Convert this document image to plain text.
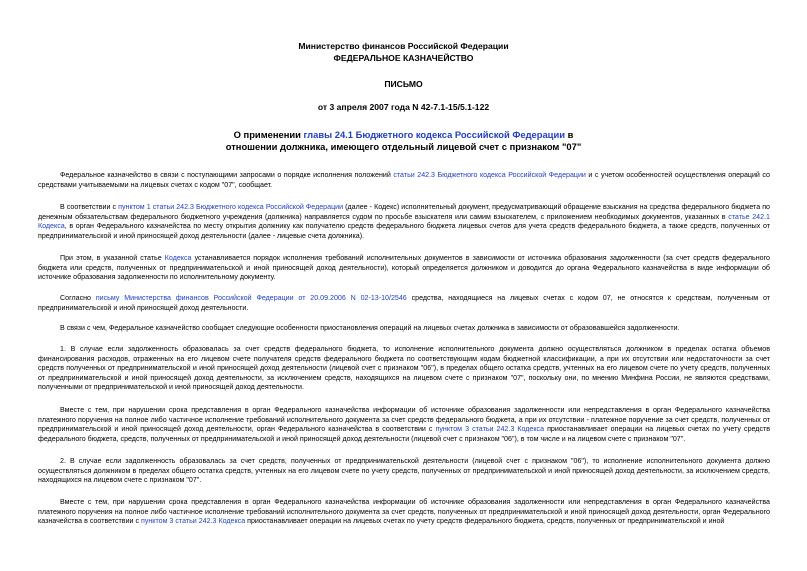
Министерство финансов Российской Федерации
ФЕДЕРАЛЬНОЕ КАЗНАЧЕЙСТВО
ПИСЬМО
от 3 апреля 2007 года N 42-7.1-15/5.1-122
О применении главы 24.1 Бюджетного кодекса Российской Федерации в
отношении должника, имеющего отдельный лицевой счет с признаком "07"
Федеральное казначейство в связи с поступающими запросами о порядке исполнения положений статьи 242.3 Бюджетного кодекса Российской Федерации и с учетом особенностей осуществления операций со средствами учитываемыми на лицевых счетах с кодом "07", сообщает.
В соответствии с пунктом 1 статьи 242.3 Бюджетного кодекса Российской Федерации (далее - Кодекс) исполнительный документ, предусматривающий обращение взыскания на средства федерального бюджета по денежным обязательствам федерального бюджетного учреждения (должника) направляется судом по просьбе взыскателя или самим взыскателем, с приложением необходимых документов, указанных в статье 242.1 Кодекса, в орган Федерального казначейства по месту открытия должнику как получателю средств федерального бюджета лицевых счетов для учета средств федерального бюджета, а также средств, полученных от предпринимательской и иной приносящей доход деятельности (далее - лицевые счета должника).
При этом, в указанной статье Кодекса устанавливается порядок исполнения требований исполнительных документов в зависимости от источника образования задолженности (за счет средств федерального бюджета или средств, полученных от предпринимательской и иной приносящей доход деятельности), который определяется должником и доводится до органа Федерального казначейства в виде информации об источнике образования задолженности по исполнительному документу.
Согласно письму Министерства финансов Российской Федерации от 20.09.2006 N 02-13-10/2546 средства, находящиеся на лицевых счетах с кодом 07, не относятся к средствам, полученным от предпринимательской и иной приносящей доход деятельности.
В связи с чем, Федеральное казначейство сообщает следующие особенности приостановления операций на лицевых счетах должника в зависимости от образовавшейся задолженности.
1. В случае если задолженность образовалась за счет средств федерального бюджета, то исполнение исполнительного документа должно осуществляться должником в пределах остатка объемов финансирования расходов, отраженных на его лицевом счете получателя средств федерального бюджета по соответствующим кодам бюджетной классификации, а при их отсутствии или недостаточности за счет средств полученных от предпринимательской и иной приносящей доход деятельности (лицевой счет с признаком "06"), в пределах общего остатка средств, учтенных на его лицевом счете по учету средств, полученных от предпринимательской и иной приносящей доход деятельности, за исключением средств, находящихся на лицевом счете с признаком "07", поскольку они, по мнению Минфина России, не являются средствами, полученными от предпринимательской и иной приносящей доход деятельности.
Вместе с тем, при нарушении срока представления в орган Федерального казначейства информации об источнике образования задолженности или непредставления в орган Федерального казначейства платежного поручения на полное либо частичное исполнение требований исполнительного документа за счет средств федерального бюджета, а при их отсутствии - платежное поручение за счет средств, полученных от предпринимательской и иной приносящей доход деятельности, орган Федерального казначейства в соответствии с пунктом 3 статьи 242.3 Кодекса приостанавливает операции на лицевых счетах по учету средств федерального бюджета, средств, полученных от предпринимательской и иной приносящей доход деятельности (лицевой счет с признаком "06"), в том числе и на лицевом счете с признаком "07".
2. В случае если задолженность образовалась за счет средств, полученных от предпринимательской деятельности (лицевой счет с признаком "06"), то исполнение исполнительного документа должно осуществляться должником в пределах общего остатка средств, учтенных на его лицевом счете по учету средств, полученных от предпринимательской и иной приносящей доход деятельности, за исключением средств, находящихся на лицевом счете с признаком "07".
Вместе с тем, при нарушении срока представления в орган Федерального казначейства информации об источнике образования задолженности или непредставления в орган Федерального казначейства платежного поручения на полное либо частичное исполнение требований исполнительного документа за счет средств, полученных от предпринимательской и иной приносящей доход деятельности, орган Федерального казначейства в соответствии с пунктом 3 статьи 242.3 Кодекса приостанавливает операции на лицевых счетах по учету средств федерального бюджета, средств, полученных от предпринимательской и иной
